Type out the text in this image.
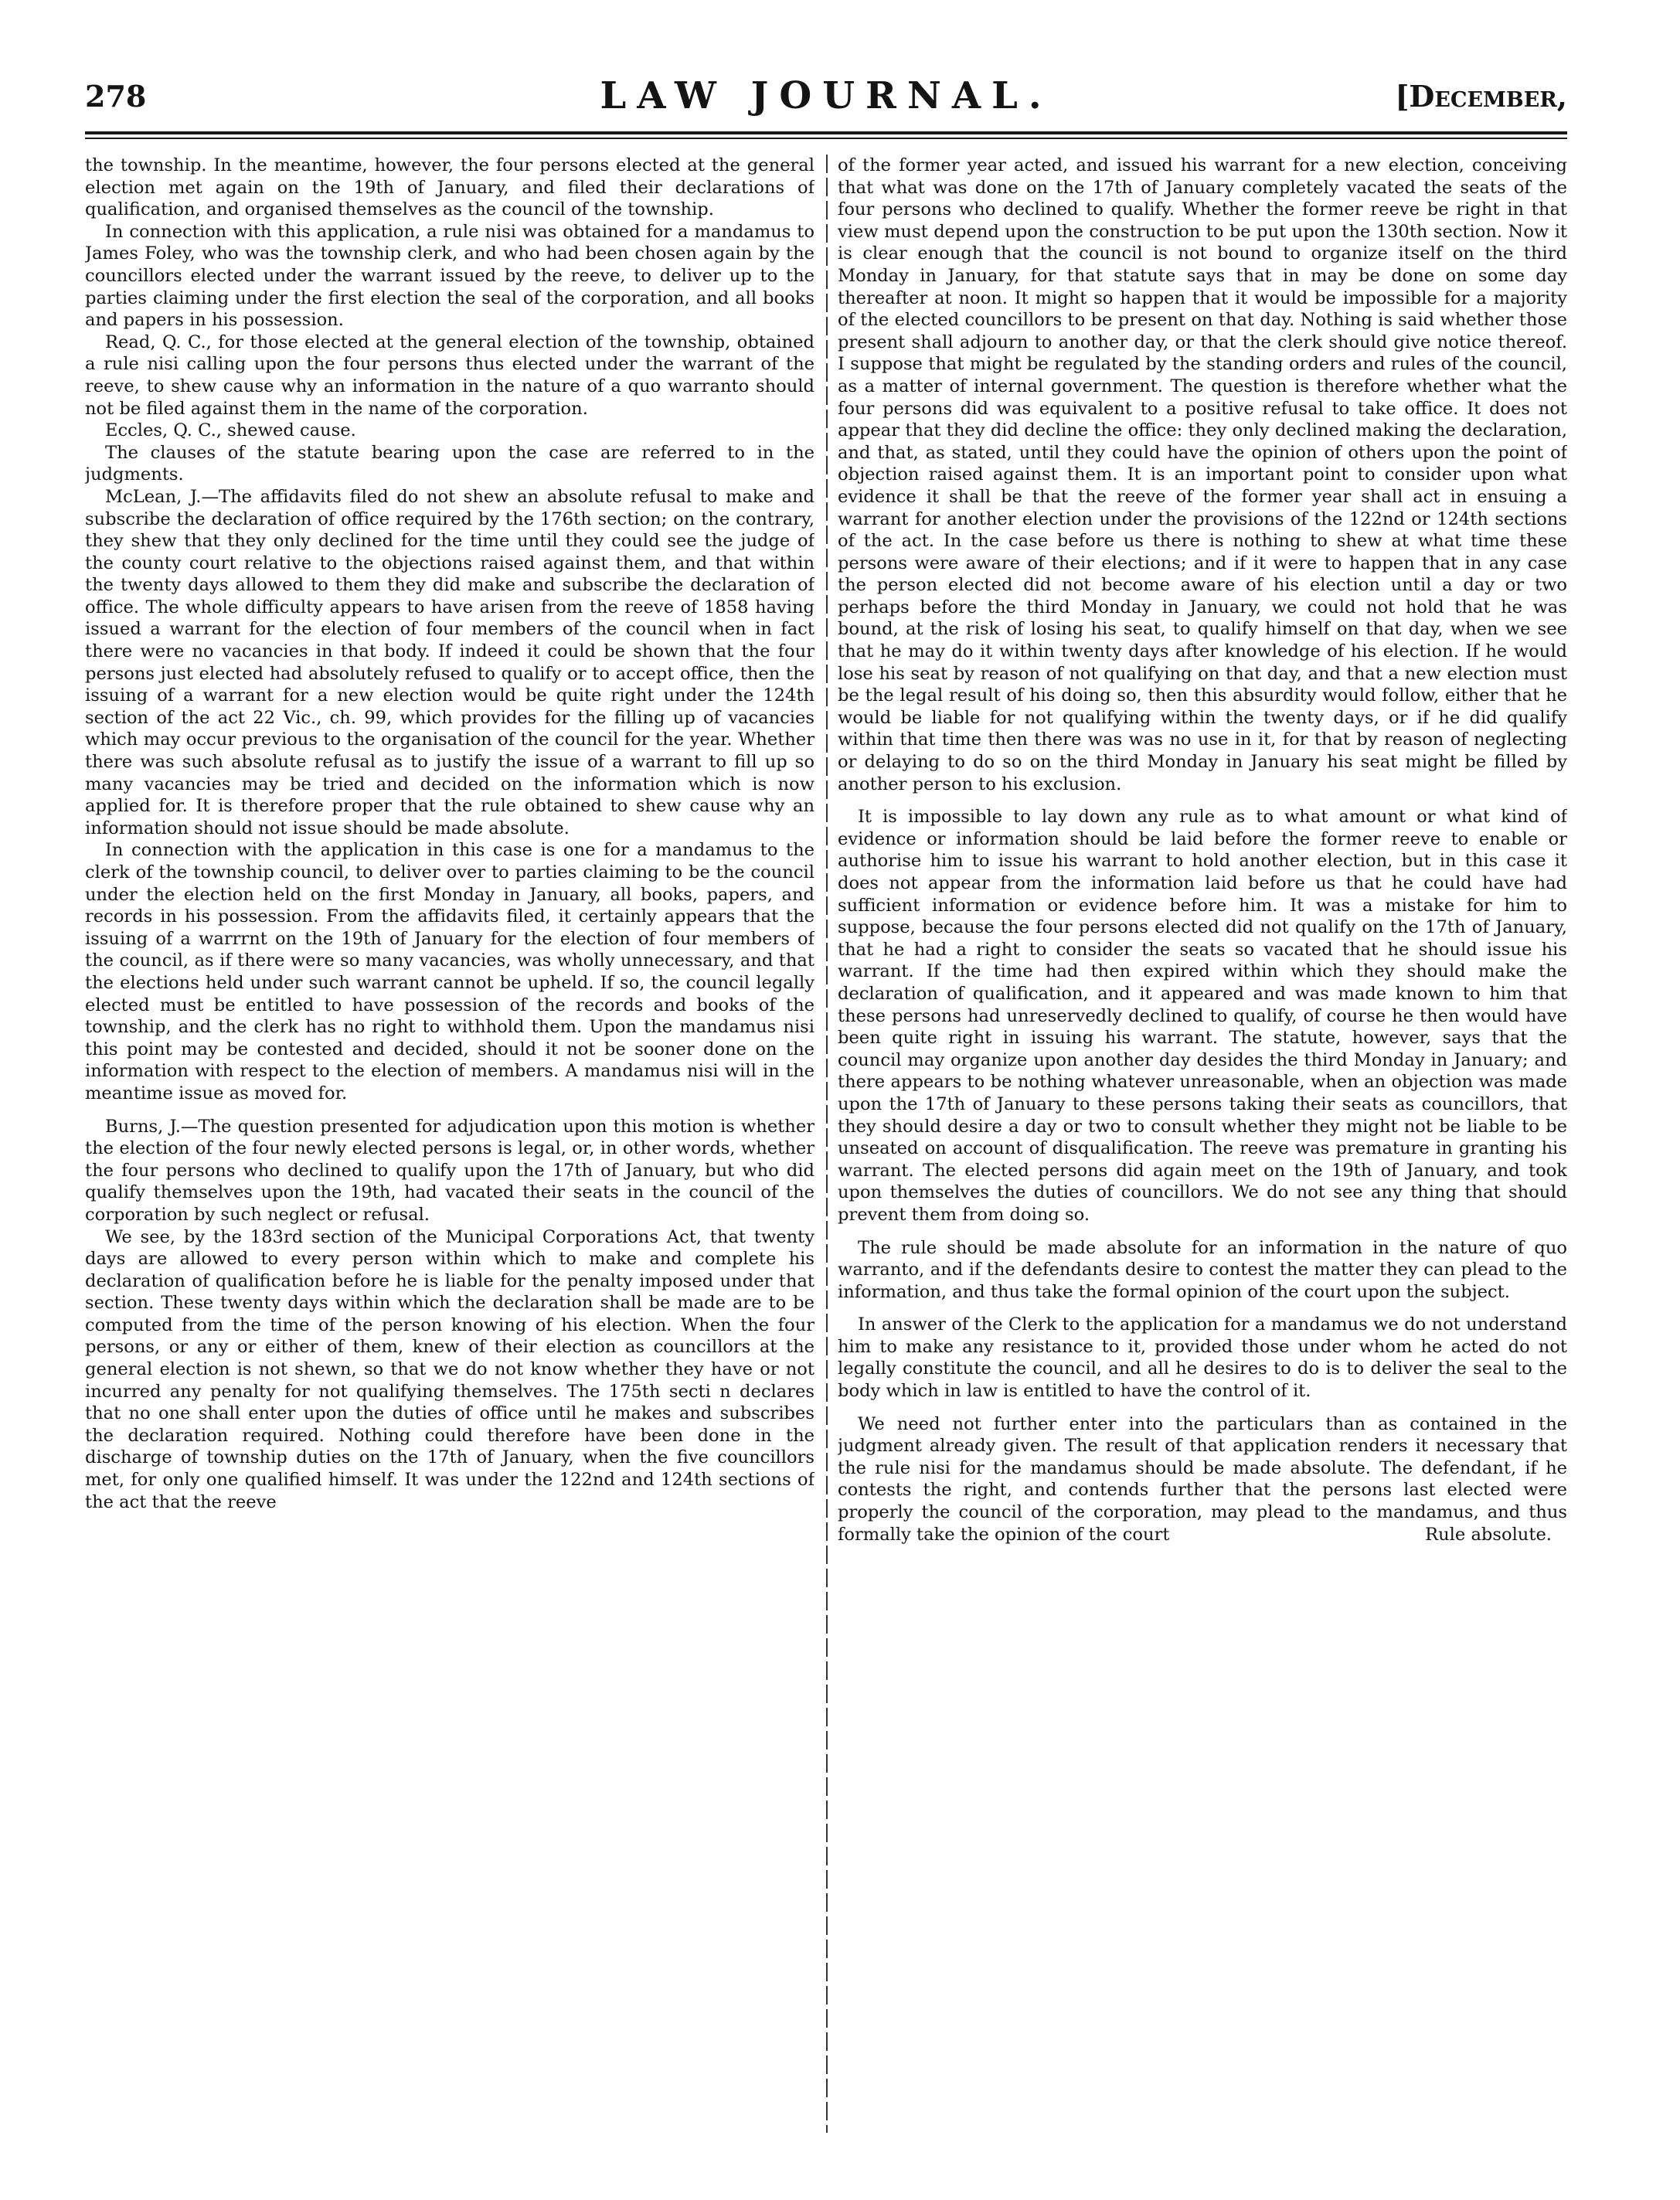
278	LAW JOURNAL.	[December,

the township. In the meantime, however, the four persons elected at the general election met again on the 19th of January, and filed their declarations of qualification, and organised themselves as the council of the township.

In connection with this application, a rule nisi was obtained for a mandamus to James Foley, who was the township clerk, and who had been chosen again by the councillors elected under the warrant issued by the reeve, to deliver up to the parties claiming under the first election the seal of the corporation, and all books and papers in his possession.

Read, Q. C., for those elected at the general election of the township, obtained a rule nisi calling upon the four persons thus elected under the warrant of the reeve, to shew cause why an information in the nature of a quo warranto should not be filed against them in the name of the corporation.

Eccles, Q. C., shewed cause.

The clauses of the statute bearing upon the case are referred to in the judgments.

McLean, J.—The affidavits filed do not shew an absolute refusal to make and subscribe the declaration of office required by the 176th section; on the contrary, they shew that they only declined for the time until they could see the judge of the county court relative to the objections raised against them, and that within the twenty days allowed to them they did make and subscribe the declaration of office. The whole difficulty appears to have arisen from the reeve of 1858 having issued a warrant for the election of four members of the council when in fact there were no vacancies in that body. If indeed it could be shown that the four persons just elected had absolutely refused to qualify or to accept office, then the issuing of a warrant for a new election would be quite right under the 124th section of the act 22 Vic., ch. 99, which provides for the filling up of vacancies which may occur previous to the organisation of the council for the year. Whether there was such absolute refusal as to justify the issue of a warrant to fill up so many vacancies may be tried and decided on the information which is now applied for. It is therefore proper that the rule obtained to shew cause why an information should not issue should be made absolute.

In connection with the application in this case is one for a mandamus to the clerk of the township council, to deliver over to parties claiming to be the council under the election held on the first Monday in January, all books, papers, and records in his possession. From the affidavits filed, it certainly appears that the issuing of a warrrnt on the 19th of January for the election of four members of the council, as if there were so many vacancies, was wholly unnecessary, and that the elections held under such warrant cannot be upheld. If so, the council legally elected must be entitled to have possession of the records and books of the township, and the clerk has no right to withhold them. Upon the mandamus nisi this point may be contested and decided, should it not be sooner done on the information with respect to the election of members. A mandamus nisi will in the meantime issue as moved for.

Burns, J.—The question presented for adjudication upon this motion is whether the election of the four newly elected persons is legal, or, in other words, whether the four persons who declined to qualify upon the 17th of January, but who did qualify themselves upon the 19th, had vacated their seats in the council of the corporation by such neglect or refusal.

We see, by the 183rd section of the Municipal Corporations Act, that twenty days are allowed to every person within which to make and complete his declaration of qualification before he is liable for the penalty imposed under that section. These twenty days within which the declaration shall be made are to be computed from the time of the person knowing of his election. When the four persons, or any or either of them, knew of their election as councillors at the general election is not shewn, so that we do not know whether they have or not incurred any penalty for not qualifying themselves. The 175th secti n declares that no one shall enter upon the duties of office until he makes and subscribes the declaration required. Nothing could therefore have been done in the discharge of township duties on the 17th of January, when the five councillors met, for only one qualified himself. It was under the 122nd and 124th sections of the act that the reeve

of the former year acted, and issued his warrant for a new election, conceiving that what was done on the 17th of January completely vacated the seats of the four persons who declined to qualify. Whether the former reeve be right in that view must depend upon the construction to be put upon the 130th section. Now it is clear enough that the council is not bound to organize itself on the third Monday in January, for that statute says that in may be done on some day thereafter at noon. It might so happen that it would be impossible for a majority of the elected councillors to be present on that day. Nothing is said whether those present shall adjourn to another day, or that the clerk should give notice thereof. I suppose that might be regulated by the standing orders and rules of the council, as a matter of internal government. The question is therefore whether what the four persons did was equivalent to a positive refusal to take office. It does not appear that they did decline the office: they only declined making the declaration, and that, as stated, until they could have the opinion of others upon the point of objection raised against them. It is an important point to consider upon what evidence it shall be that the reeve of the former year shall act in ensuing a warrant for another election under the provisions of the 122nd or 124th sections of the act. In the case before us there is nothing to shew at what time these persons were aware of their elections; and if it were to happen that in any case the person elected did not become aware of his election until a day or two perhaps before the third Monday in January, we could not hold that he was bound, at the risk of losing his seat, to qualify himself on that day, when we see that he may do it within twenty days after knowledge of his election. If he would lose his seat by reason of not qualifying on that day, and that a new election must be the legal result of his doing so, then this absurdity would follow, either that he would be liable for not qualifying within the twenty days, or if he did qualify within that time then there was was no use in it, for that by reason of neglecting or delaying to do so on the third Monday in January his seat might be filled by another person to his exclusion.

It is impossible to lay down any rule as to what amount or what kind of evidence or information should be laid before the former reeve to enable or authorise him to issue his warrant to hold another election, but in this case it does not appear from the information laid before us that he could have had sufficient information or evidence before him. It was a mistake for him to suppose, because the four persons elected did not qualify on the 17th of January, that he had a right to consider the seats so vacated that he should issue his warrant. If the time had then expired within which they should make the declaration of qualification, and it appeared and was made known to him that these persons had unreservedly declined to qualify, of course he then would have been quite right in issuing his warrant. The statute, however, says that the council may organize upon another day desides the third Monday in January; and there appears to be nothing whatever unreasonable, when an objection was made upon the 17th of January to these persons taking their seats as councillors, that they should desire a day or two to consult whether they might not be liable to be unseated on account of disqualification. The reeve was premature in granting his warrant. The elected persons did again meet on the 19th of January, and took upon themselves the duties of councillors. We do not see any thing that should prevent them from doing so.

The rule should be made absolute for an information in the nature of quo warranto, and if the defendants desire to contest the matter they can plead to the information, and thus take the formal opinion of the court upon the subject.

In answer of the Clerk to the application for a mandamus we do not understand him to make any resistance to it, provided those under whom he acted do not legally constitute the council, and all he desires to do is to deliver the seal to the body which in law is entitled to have the control of it.

We need not further enter into the particulars than as contained in the judgment already given. The result of that application renders it necessary that the rule nisi for the mandamus should be made absolute. The defendant, if he contests the right, and contends further that the persons last elected were properly the council of the corporation, may plead to the mandamus, and thus formally take the opinion of the court	Rule absolute.
